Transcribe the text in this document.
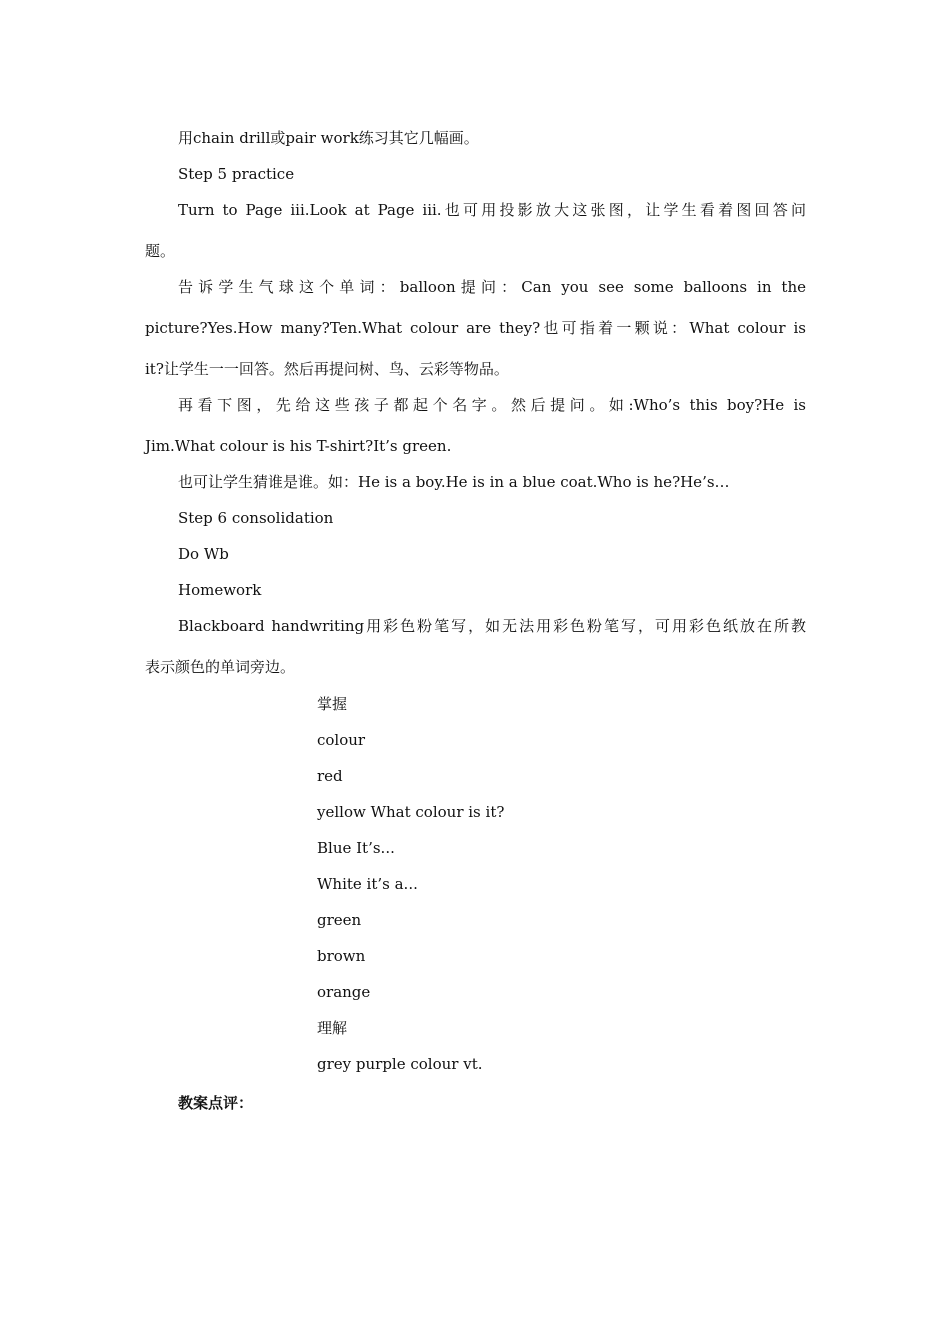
用chain drill或pair work练习其它几幅画。
Step 5 practice
Turn to Page iii.Look at Page iii.也可用投影放大这张图，让学生看着图回答问
题。
告诉学生气球这个单词：balloon提问：Can you see some balloons in the
picture?Yes.How many?Ten.What colour are they?也可指着一颗说：What colour is
it?让学生一一回答。然后再提问树、鸟、云彩等物品。
再看下图，先给这些孩子都起个名字。然后提问。如:Who’s this boy?He is
Jim.What colour is his T-shirt?It’s green.
也可让学生猜谁是谁。如：He is a boy.He is in a blue coat.Who is he?He’s…
Step 6 consolidation
Do Wb
Homework
Blackboard handwriting用彩色粉笔写，如无法用彩色粉笔写，可用彩色纸放在所教
表示颜色的单词旁边。
掌握
colour
red
yellow What colour is it?
Blue It’s...
White it’s a...
green
brown
orange
理解
grey purple colour vt.
教案点评：
